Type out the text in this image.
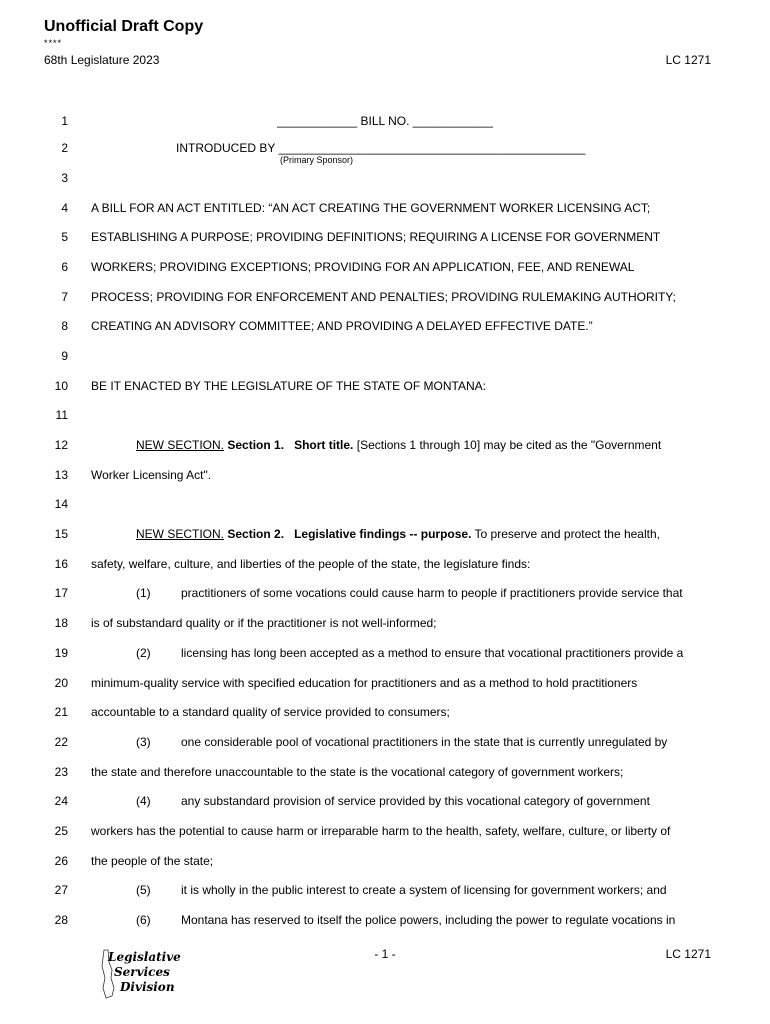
Unofficial Draft Copy
****
68th Legislature 2023	LC 1271
1	____________ BILL NO. ____________
2	INTRODUCED BY ______________________________________________
(Primary Sponsor)
3
4 A BILL FOR AN ACT ENTITLED: “AN ACT CREATING THE GOVERNMENT WORKER LICENSING ACT;
5 ESTABLISHING A PURPOSE; PROVIDING DEFINITIONS; REQUIRING A LICENSE FOR GOVERNMENT
6 WORKERS; PROVIDING EXCEPTIONS; PROVIDING FOR AN APPLICATION, FEE, AND RENEWAL
7 PROCESS; PROVIDING FOR ENFORCEMENT AND PENALTIES; PROVIDING RULEMAKING AUTHORITY;
8 CREATING AN ADVISORY COMMITTEE; AND PROVIDING A DELAYED EFFECTIVE DATE.”
9
10 BE IT ENACTED BY THE LEGISLATURE OF THE STATE OF MONTANA:
11
12	NEW SECTION. Section 1. Short title. [Sections 1 through 10] may be cited as the "Government
13 Worker Licensing Act".
14
15	NEW SECTION. Section 2. Legislative findings -- purpose. To preserve and protect the health,
16 safety, welfare, culture, and liberties of the people of the state, the legislature finds:
17	(1)	practitioners of some vocations could cause harm to people if practitioners provide service that
18 is of substandard quality or if the practitioner is not well-informed;
19	(2)	licensing has long been accepted as a method to ensure that vocational practitioners provide a
20 minimum-quality service with specified education for practitioners and as a method to hold practitioners
21 accountable to a standard quality of service provided to consumers;
22	(3)	one considerable pool of vocational practitioners in the state that is currently unregulated by
23 the state and therefore unaccountable to the state is the vocational category of government workers;
24	(4)	any substandard provision of service provided by this vocational category of government
25 workers has the potential to cause harm or irreparable harm to the health, safety, welfare, culture, or liberty of
26 the people of the state;
27	(5)	it is wholly in the public interest to create a system of licensing for government workers; and
28	(6)	Montana has reserved to itself the police powers, including the power to regulate vocations in
Legislative
Services
Division
- 1 -	LC 1271
